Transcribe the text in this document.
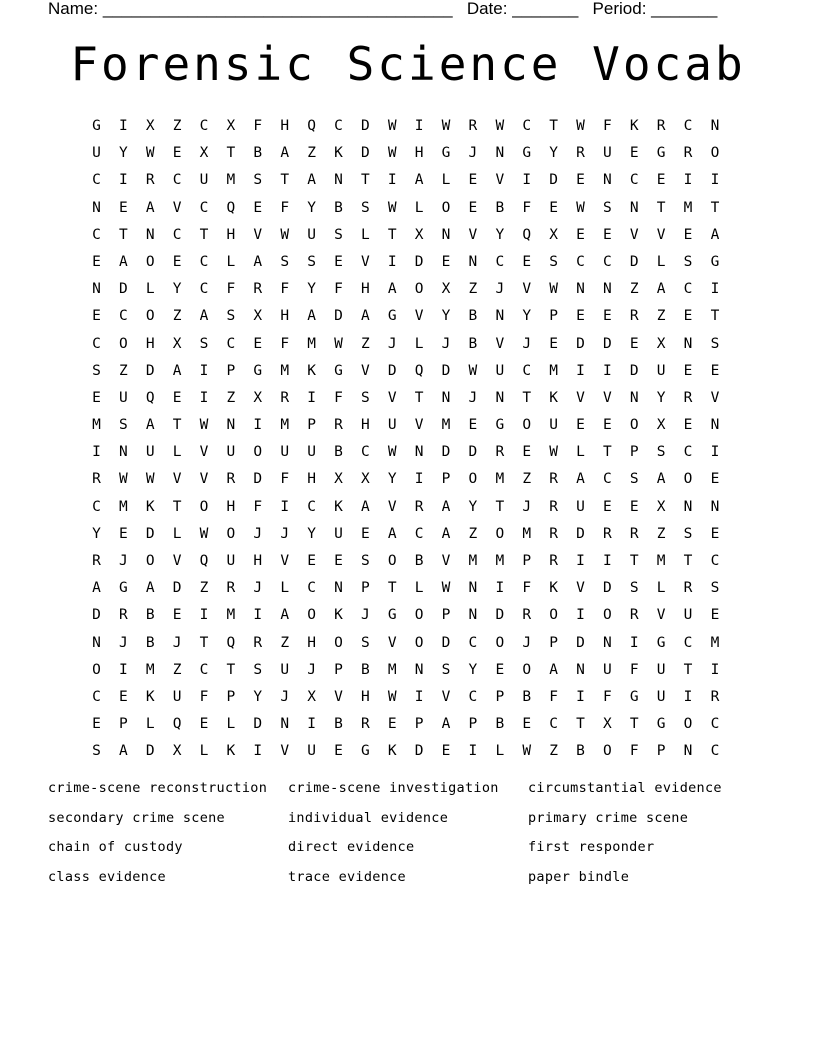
Name: _____________________________________ Date: _______ Period: _______
Forensic Science Vocab
G	I	X	Z	C	X	F	H	Q	C	D	W	I	W	R	W	C	T	W	F	K	R	C	N
U	Y	W	E	X	T	B	A	Z	K	D	W	H	G	J	N	G	Y	R	U	E	G	R	O
C	I	R	C	U	M	S	T	A	N	T	I	A	L	E	V	I	D	E	N	C	E	I	I
N	E	A	V	C	Q	E	F	Y	B	S	W	L	O	E	B	F	E	W	S	N	T	M	T
C	T	N	C	T	H	V	W	U	S	L	T	X	N	V	Y	Q	X	E	E	V	V	E	A
E	A	O	E	C	L	A	S	S	E	V	I	D	E	N	C	E	S	C	C	D	L	S	G
N	D	L	Y	C	F	R	F	Y	F	H	A	O	X	Z	J	V	W	N	N	Z	A	C	I
E	C	O	Z	A	S	X	H	A	D	A	G	V	Y	B	N	Y	P	E	E	R	Z	E	T
C	O	H	X	S	C	E	F	M	W	Z	J	L	J	B	V	J	E	D	D	E	X	N	S
S	Z	D	A	I	P	G	M	K	G	V	D	Q	D	W	U	C	M	I	I	D	U	E	E
E	U	Q	E	I	Z	X	R	I	F	S	V	T	N	J	N	T	K	V	V	N	Y	R	V
M	S	A	T	W	N	I	M	P	R	H	U	V	M	E	G	O	U	E	E	O	X	E	N
I	N	U	L	V	U	O	U	U	B	C	W	N	D	D	R	E	W	L	T	P	S	C	I
R	W	W	V	V	R	D	F	H	X	X	Y	I	P	O	M	Z	R	A	C	S	A	O	E
C	M	K	T	O	H	F	I	C	K	A	V	R	A	Y	T	J	R	U	E	E	X	N	N
Y	E	D	L	W	O	J	J	Y	U	E	A	C	A	Z	O	M	R	D	R	R	Z	S	E
R	J	O	V	Q	U	H	V	E	E	S	O	B	V	M	M	P	R	I	I	T	M	T	C
A	G	A	D	Z	R	J	L	C	N	P	T	L	W	N	I	F	K	V	D	S	L	R	S
D	R	B	E	I	M	I	A	O	K	J	G	O	P	N	D	R	O	I	O	R	V	U	E
N	J	B	J	T	Q	R	Z	H	O	S	V	O	D	C	O	J	P	D	N	I	G	C	M
O	I	M	Z	C	T	S	U	J	P	B	M	N	S	Y	E	O	A	N	U	F	U	T	I
C	E	K	U	F	P	Y	J	X	V	H	W	I	V	C	P	B	F	I	F	G	U	I	R
E	P	L	Q	E	L	D	N	I	B	R	E	P	A	P	B	E	C	T	X	T	G	O	C
S	A	D	X	L	K	I	V	U	E	G	K	D	E	I	L	W	Z	B	O	F	P	N	C
crime-scene reconstruction	crime-scene investigation	circumstantial evidence
secondary crime scene	individual evidence	primary crime scene
chain of custody	direct evidence	first responder
class evidence	trace evidence	paper bindle
